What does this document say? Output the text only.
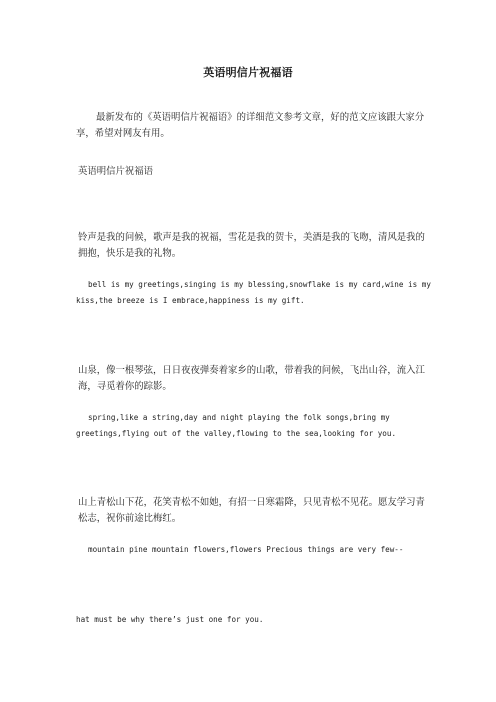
英语明信片祝福语
最新发布的《英语明信片祝福语》的详细范文参考文章，好的范文应该跟大家分享，希望对网友有用。
英语明信片祝福语
铃声是我的问候，歌声是我的祝福，雪花是我的贺卡，美酒是我的飞吻，清风是我的拥抱，快乐是我的礼物。
bell is my greetings,singing is my blessing,snowflake is my card,wine is my kiss,the breeze is I embrace,happiness is my gift.
山泉，像一根琴弦，日日夜夜弹奏着家乡的山歌，带着我的问候，飞出山谷，流入江海，寻觅着你的踪影。
spring,like a string,day and night playing the folk songs,bring my greetings,flying out of the valley,flowing to the sea,looking for you.
山上青松山下花，花笑青松不如她，有招一日寒霜降，只见青松不见花。愿友学习青松志，祝你前途比梅红。
mountain pine mountain flowers,flowers Precious things are very few--
hat must be why there’s just one for you.
